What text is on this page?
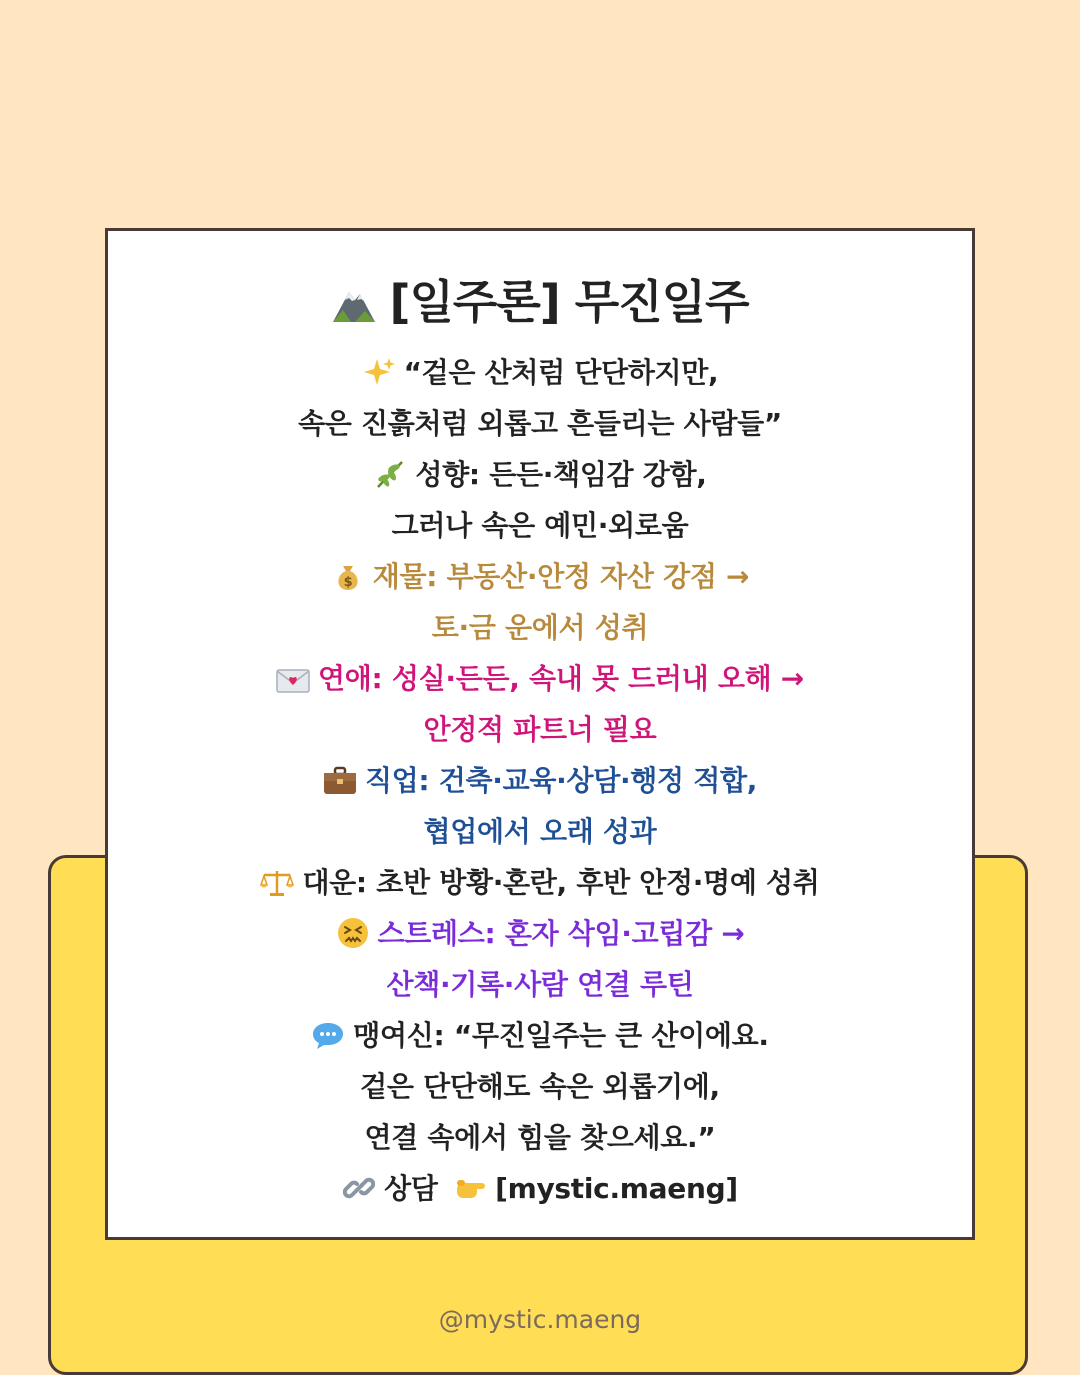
[일주론] 무진일주
“겉은 산처럼 단단하지만,
속은 진흙처럼 외롭고 흔들리는 사람들”
성향: 든든·책임감 강함,
그러나 속은 예민·외로움
$ 재물: 부동산·안정 자산 강점 →
토·금 운에서 성취
연애: 성실·든든, 속내 못 드러내 오해 →
안정적 파트너 필요
직업: 건축·교육·상담·행정 적합,
협업에서 오래 성과
대운: 초반 방황·혼란, 후반 안정·명예 성취
스트레스: 혼자 삭임·고립감 →
산책·기록·사람 연결 루틴
맹여신: “무진일주는 큰 산이에요.
겉은 단단해도 속은 외롭기에,
연결 속에서 힘을 찾으세요.”
상담 [mystic.maeng]
@mystic.maeng
